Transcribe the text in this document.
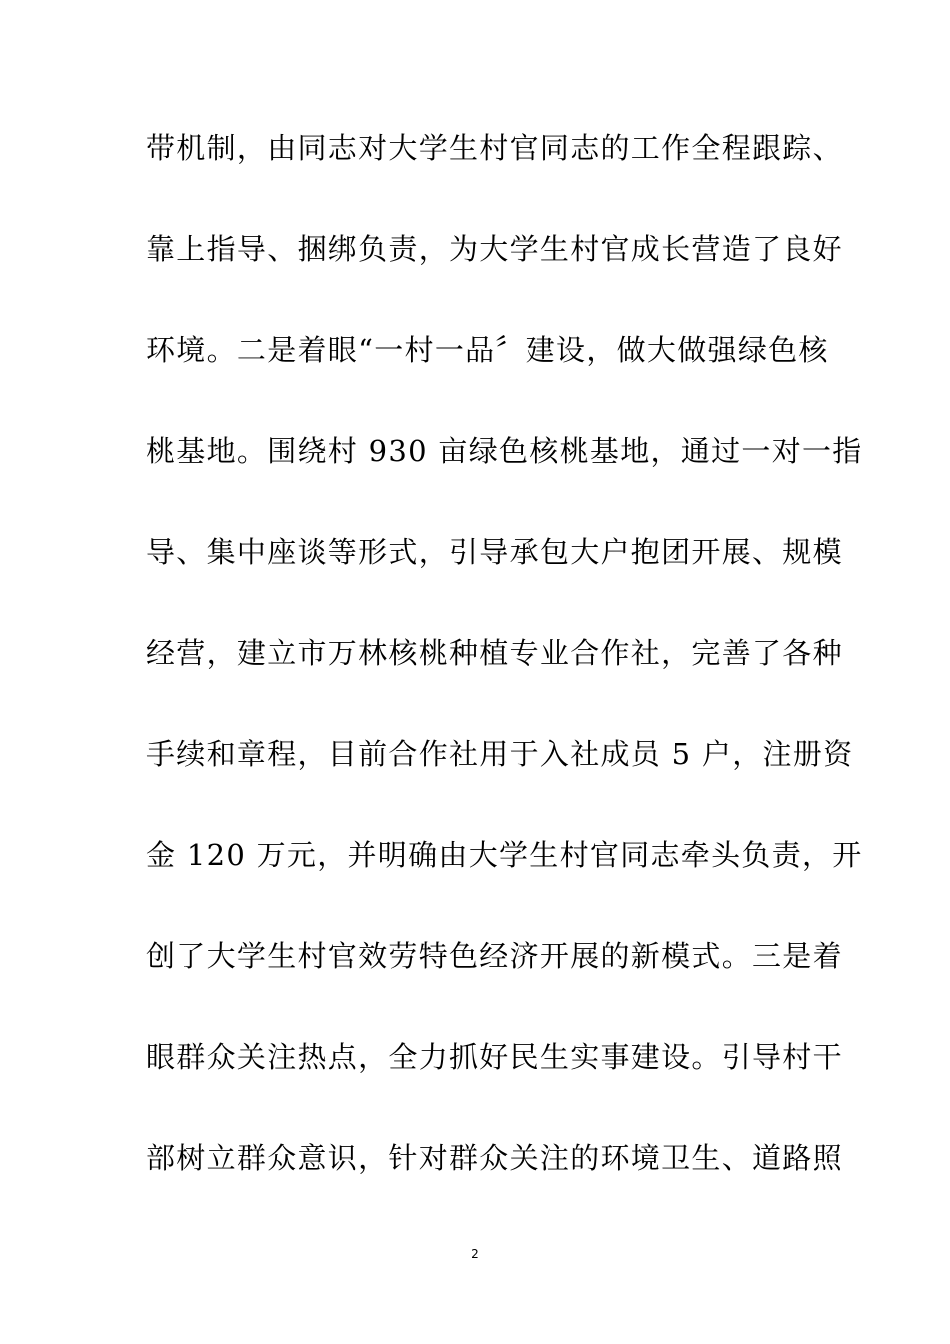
带机制，由同志对大学生村官同志的工作全程跟踪、
靠上指导、捆绑负责，为大学生村官成长营造了良好
环境。二是着眼“一村一品〞建设，做大做强绿色核
桃基地。围绕村 930 亩绿色核桃基地，通过一对一指
导、集中座谈等形式，引导承包大户抱团开展、规模
经营，建立市万林核桃种植专业合作社，完善了各种
手续和章程，目前合作社用于入社成员 5 户，注册资
金 120 万元，并明确由大学生村官同志牵头负责，开
创了大学生村官效劳特色经济开展的新模式。三是着
眼群众关注热点，全力抓好民生实事建设。引导村干
部树立群众意识，针对群众关注的环境卫生、道路照
2
